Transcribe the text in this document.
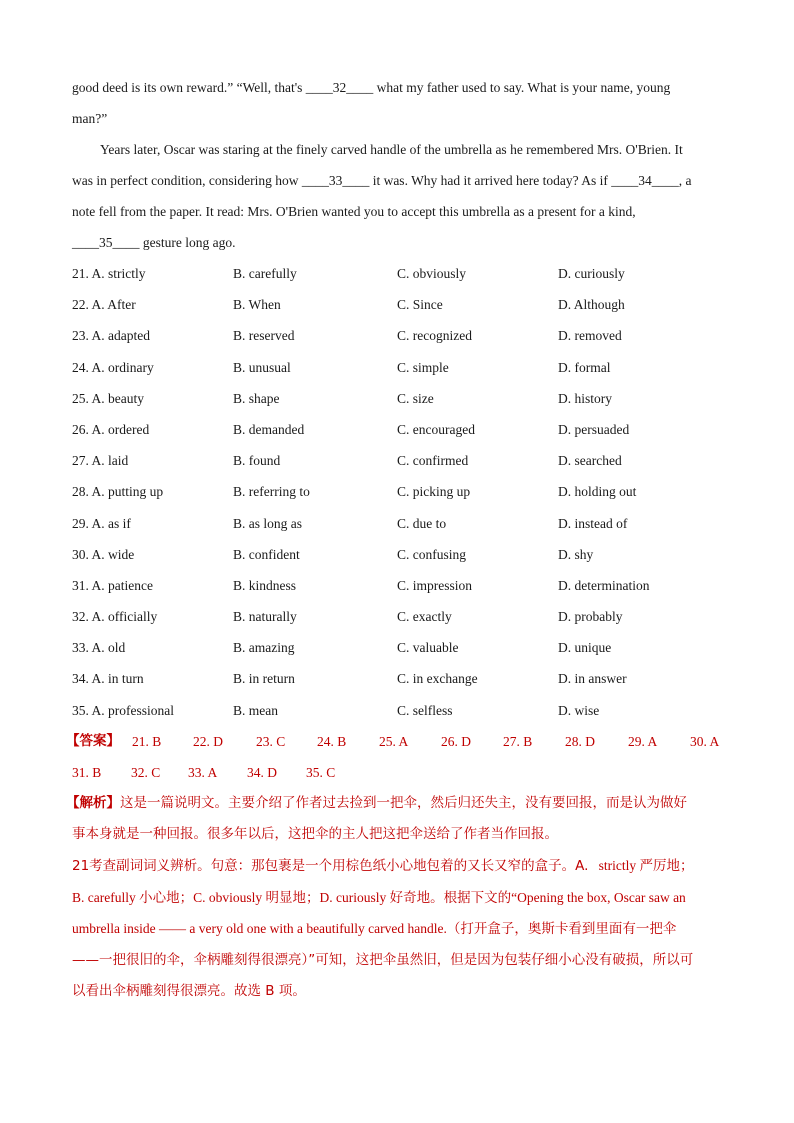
good deed is its own reward.” “Well, that's ____32____ what my father used to say. What is your name, young
man?”
Years later, Oscar was staring at the finely carved handle of the umbrella as he remembered Mrs. O'Brien. It
was in perfect condition, considering how ____33____ it was. Why had it arrived here today? As if ____34____, a
note fell from the paper. It read: Mrs. O'Brien wanted you to accept this umbrella as a present for a kind,
____35____ gesture long ago.
21. A. strictly	B. carefully	C. obviously	D. curiously
22. A. After	B. When	C. Since	D. Although
23. A. adapted	B. reserved	C. recognized	D. removed
24. A. ordinary	B. unusual	C. simple	D. formal
25. A. beauty	B. shape	C. size	D. history
26. A. ordered	B. demanded	C. encouraged	D. persuaded
27. A. laid	B. found	C. confirmed	D. searched
28. A. putting up	B. referring to	C. picking up	D. holding out
29. A. as if	B. as long as	C. due to	D. instead of
30. A. wide	B. confident	C. confusing	D. shy
31. A. patience	B. kindness	C. impression	D. determination
32. A. officially	B. naturally	C. exactly	D. probably
33. A. old	B. amazing	C. valuable	D. unique
34. A. in turn	B. in return	C. in exchange	D. in answer
35. A. professional	B. mean	C. selfless	D. wise
【答案】 21. B 22. D 23. C 24. B 25. A 26. D 27. B 28. D 29. A 30. A
31. B 32. C 33. A 34. D 35. C
【解析】这是一篇说明文。主要介绍了作者过去捡到一把伞，然后归还失主，没有要回报，而是认为做好
事本身就是一种回报。很多年以后，这把伞的主人把这把伞送给了作者当作回报。
21考查副词词义辨析。句意：那包裹是一个用棕色纸小心地包着的又长又窄的盒子。A. strictly 严厉地；
B. carefully 小心地；C. obviously 明显地；D. curiously 好奇地。根据下文的“Opening the box, Oscar saw an
umbrella inside —— a very old one with a beautifully carved handle.（打开盒子，奥斯卡看到里面有一把伞
——一把很旧的伞，伞柄雕刻得很漂亮）”可知，这把伞虽然旧，但是因为包装仔细小心没有破损，所以可
以看出伞柄雕刻得很漂亮。故选 B 项。
